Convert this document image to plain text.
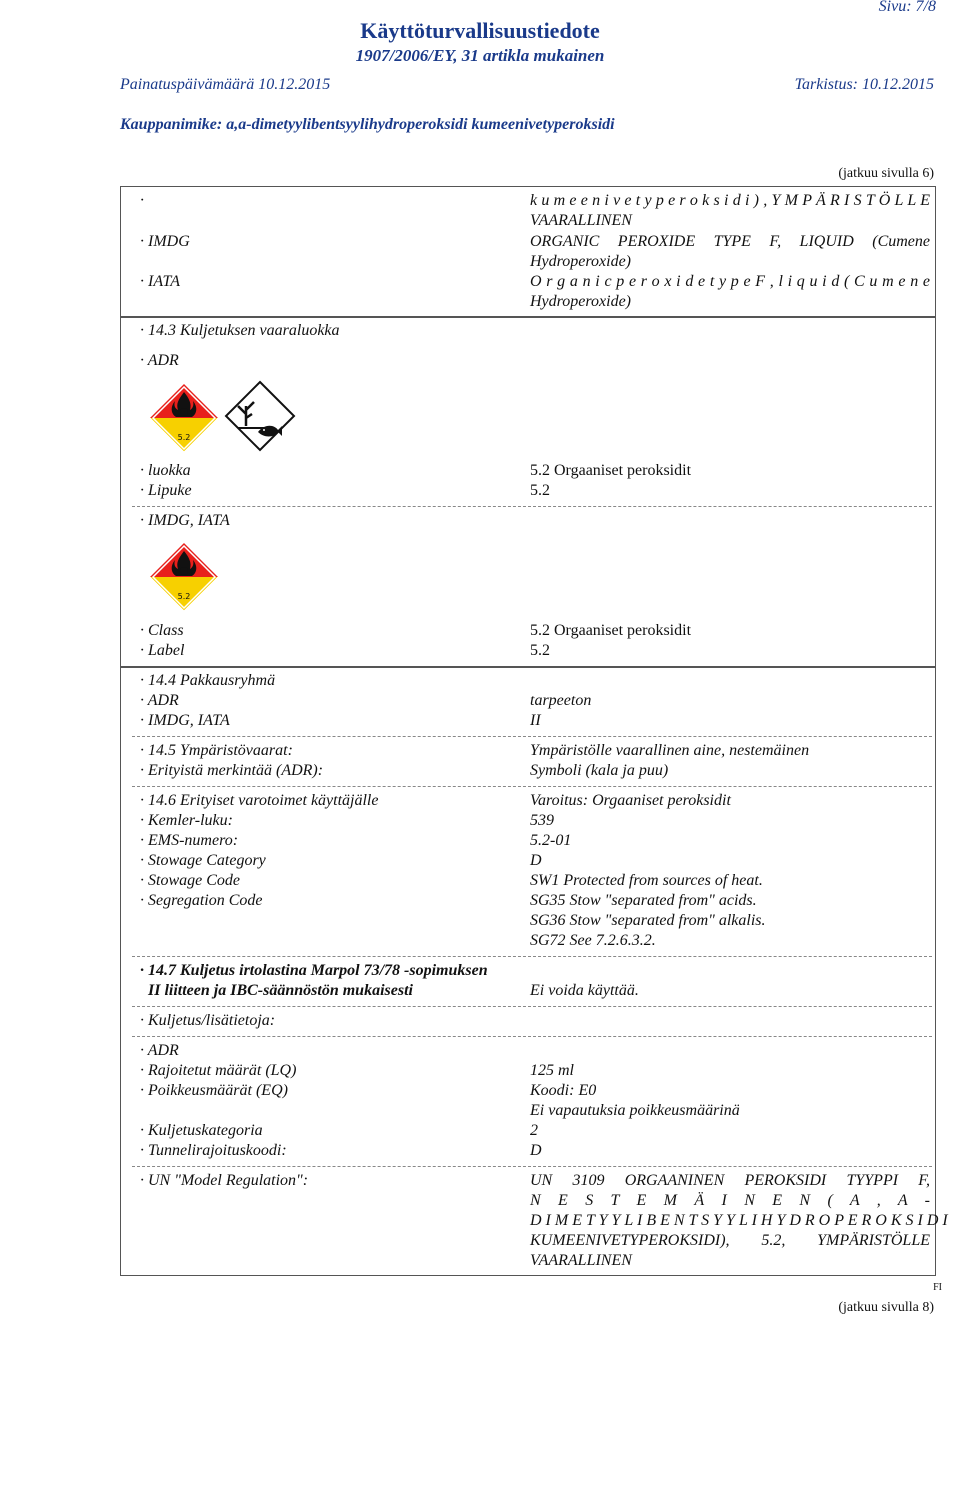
Sivu: 7/8
Käyttöturvallisuustiedote
1907/2006/EY, 31 artikla mukainen
Painatuspäivämäärä 10.12.2015	Tarkistus: 10.12.2015
Kauppanimike: a,a-dimetyylibentsyylihydroperoksidi kumeenivetyperoksidi
(jatkuu sivulla 6)
·	k u m e e n i v e t y p e r o k s i d i ) , Y M P Ä R I S T Ö L L E
VAARALLINEN
· IMDG	ORGANIC PEROXIDE TYPE F, LIQUID (Cumene
Hydroperoxide)
· IATA	O r g a n i c p e r o x i d e t y p e F , l i q u i d ( C u m e n e
Hydroperoxide)
· 14.3 Kuljetuksen vaaraluokka
· ADR
5.2
· luokka	5.2 Orgaaniset peroksidit
· Lipuke	5.2
· IMDG, IATA
5.2
· Class	5.2 Orgaaniset peroksidit
· Label	5.2
· 14.4 Pakkausryhmä
· ADR	tarpeeton
· IMDG, IATA	II
· 14.5 Ympäristövaarat:	Ympäristölle vaarallinen aine, nestemäinen
· Erityistä merkintää (ADR):	Symboli (kala ja puu)
· 14.6 Erityiset varotoimet käyttäjälle	Varoitus: Orgaaniset peroksidit
· Kemler-luku:	539
· EMS-numero:	5.2-01
· Stowage Category	D
· Stowage Code	SW1 Protected from sources of heat.
· Segregation Code	SG35 Stow "separated from" acids.
SG36 Stow "separated from" alkalis.
SG72 See 7.2.6.3.2.
· 14.7 Kuljetus irtolastina Marpol 73/78 -sopimuksen
II liitteen ja IBC-säännöstön mukaisesti	Ei voida käyttää.
· Kuljetus/lisätietoja:
· ADR
· Rajoitetut määrät (LQ)	125 ml
· Poikkeusmäärät (EQ)	Koodi: E0
Ei vapautuksia poikkeusmäärinä
· Kuljetuskategoria	2
· Tunnelirajoituskoodi:	D
· UN "Model Regulation":	UN 3109 ORGAANINEN PEROKSIDI TYYPPI F,
N E S T E M Ä I N E N ( A , A -
D I M E T Y Y L I B E N T S Y Y L I H Y D R O P E R O K S I D I
KUMEENIVETYPEROKSIDI), 5.2, YMPÄRISTÖLLE
VAARALLINEN
FI
(jatkuu sivulla 8)
